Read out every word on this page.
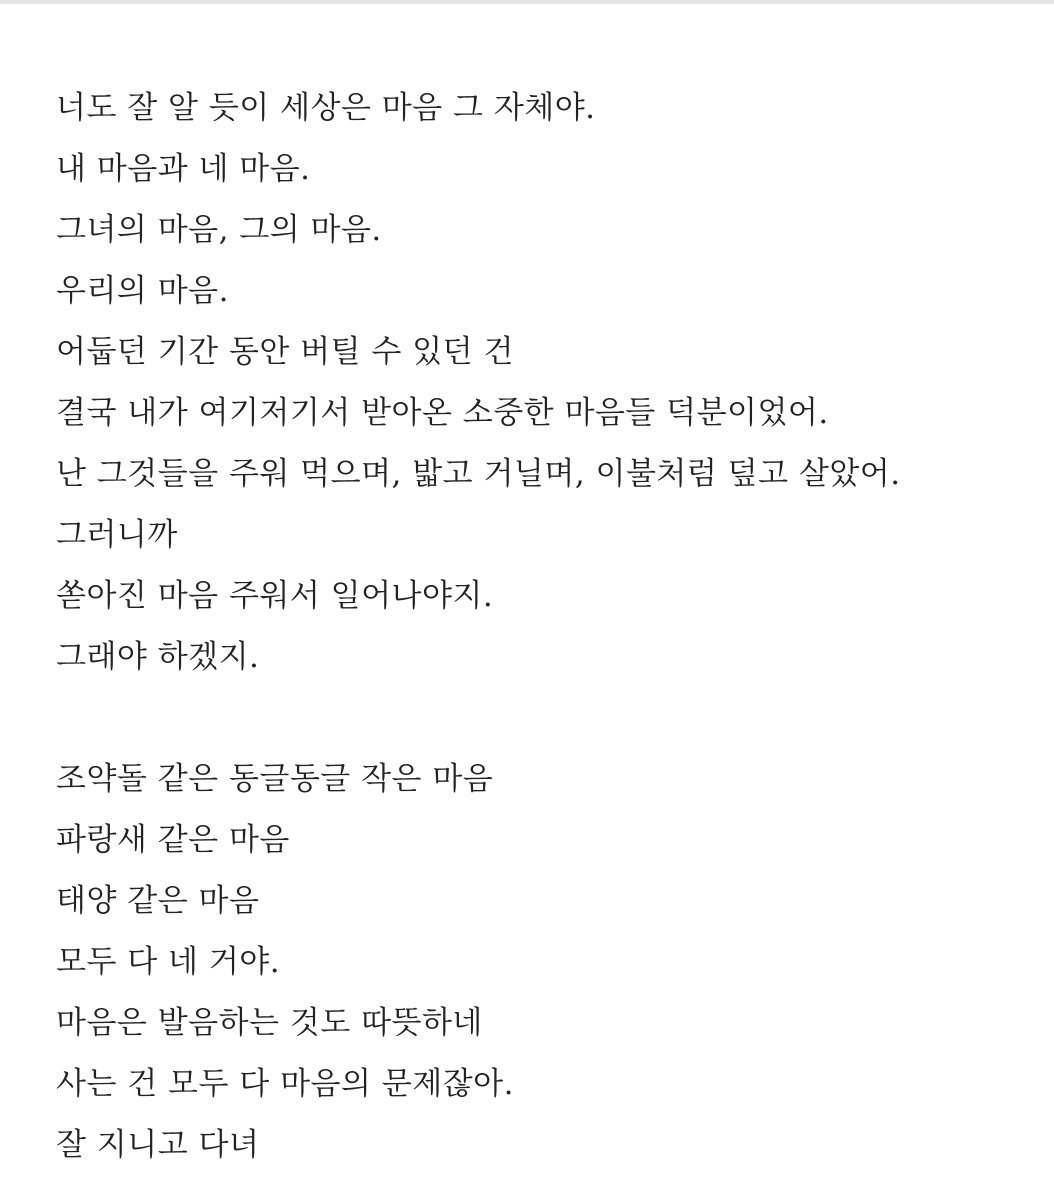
너도 잘 알 듯이 세상은 마음 그 자체야.
내 마음과 네 마음.
그녀의 마음, 그의 마음.
우리의 마음.
어둡던 기간 동안 버틸 수 있던 건
결국 내가 여기저기서 받아온 소중한 마음들 덕분이었어.
난 그것들을 주워 먹으며, 밟고 거닐며, 이불처럼 덮고 살았어.
그러니까
쏟아진 마음 주워서 일어나야지.
그래야 하겠지.
조약돌 같은 동글동글 작은 마음
파랑새 같은 마음
태양 같은 마음
모두 다 네 거야.
마음은 발음하는 것도 따뜻하네
사는 건 모두 다 마음의 문제잖아.
잘 지니고 다녀
